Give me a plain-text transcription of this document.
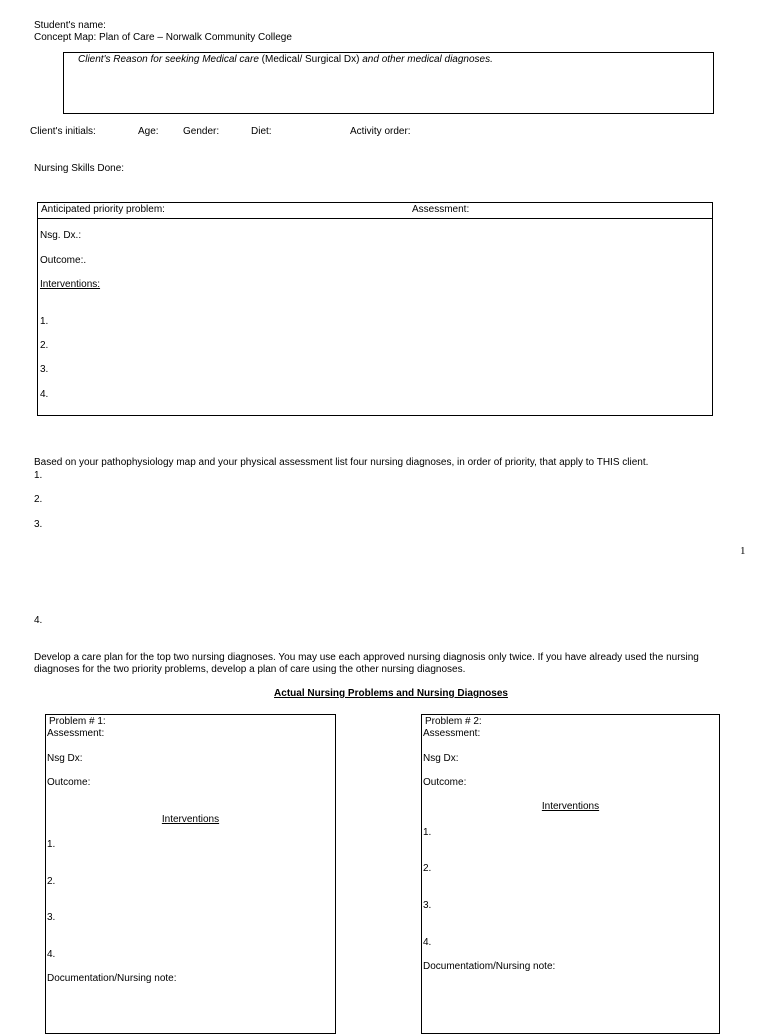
Student's name:
Concept Map: Plan of Care – Norwalk Community College
Client's Reason for seeking Medical care (Medical/ Surgical Dx) and other medical diagnoses.
Client's initials:	Age: Gender:	Diet:	Activity order:
Nursing Skills Done:
Anticipated priority problem:	Assessment:
Nsg. Dx.:
Outcome:.
Interventions:
1.
2.
3.
4.
Based on your pathophysiology map and your physical assessment list four nursing diagnoses, in order of priority, that apply to THIS client.
1.
2.
3.
1
4.
Develop a care plan for the top two nursing diagnoses. You may use each approved nursing diagnosis only twice. If you have already used the nursing
diagnoses for the two priority problems, develop a plan of care using the other nursing diagnoses.
Actual Nursing Problems and Nursing Diagnoses
Problem # 1:
Assessment:
Nsg Dx:
Outcome:
Interventions
1.
2.
3.
4.
Documentation/Nursing note:
Problem # 2:
Assessment:
Nsg Dx:
Outcome:
Interventions
1.
2.
3.
4.
Documentatiom/Nursing note:
